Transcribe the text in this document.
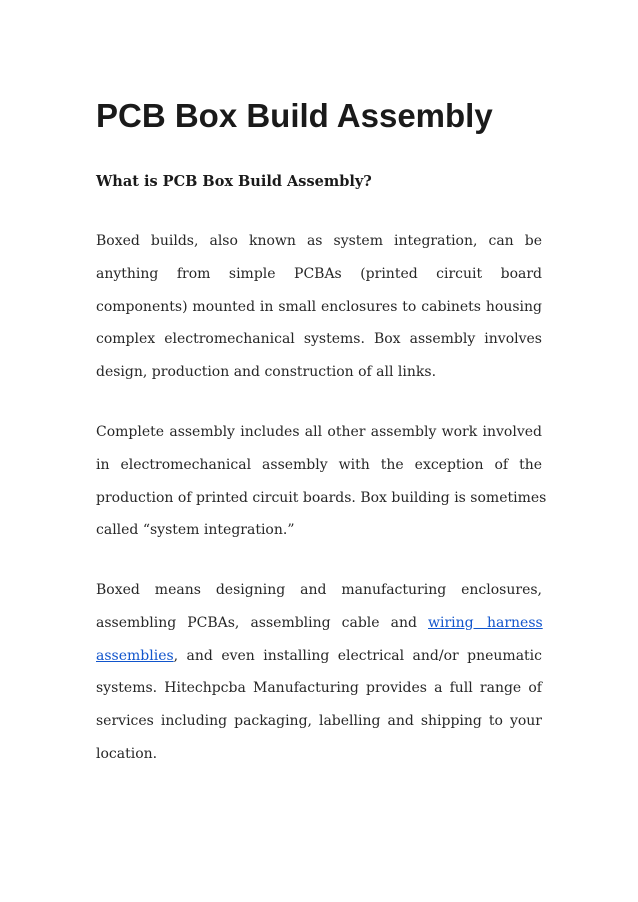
PCB Box Build Assembly
What is PCB Box Build Assembly?
Boxed builds, also known as system integration, can be
anything from simple PCBAs (printed circuit board
components) mounted in small enclosures to cabinets housing
complex electromechanical systems. Box assembly involves
design, production and construction of all links.
Complete assembly includes all other assembly work involved
in electromechanical assembly with the exception of the
production of printed circuit boards. Box building is sometimes
called “system integration.”
Boxed means designing and manufacturing enclosures,
assembling PCBAs, assembling cable and wiring   harness
assemblies, and even installing electrical and/or pneumatic
systems. Hitechpcba Manufacturing provides a full range of
services including packaging, labelling and shipping to your
location.
